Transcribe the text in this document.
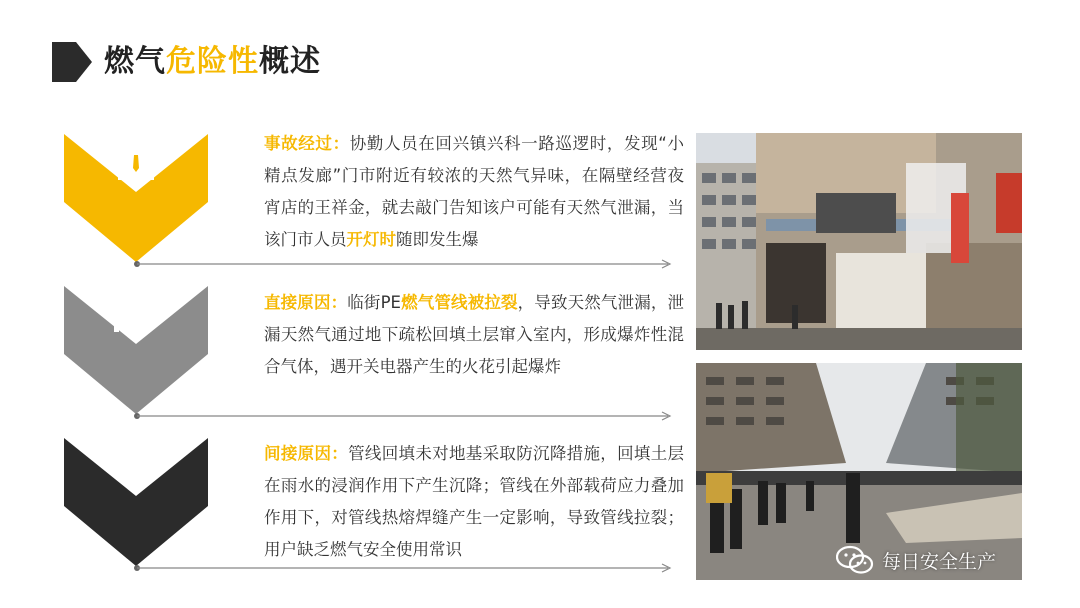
燃气危险性概述
$
事故经过：协勤人员在回兴镇兴科一路巡逻时，发现“小精点发廊”门市附近有较浓的天然气异味，在隔壁经营夜宵店的王祥金，就去敲门告知该户可能有天然气泄漏，当该门市人员开灯时随即发生爆
直接原因：临街PE燃气管线被拉裂，导致天然气泄漏，泄漏天然气通过地下疏松回填土层窜入室内，形成爆炸性混合气体，遇开关电器产生的火花引起爆炸
间接原因：管线回填未对地基采取防沉降措施，回填土层在雨水的浸润作用下产生沉降；管线在外部载荷应力叠加作用下，对管线热熔焊缝产生一定影响，导致管线拉裂；用户缺乏燃气安全使用常识
每日安全生产
